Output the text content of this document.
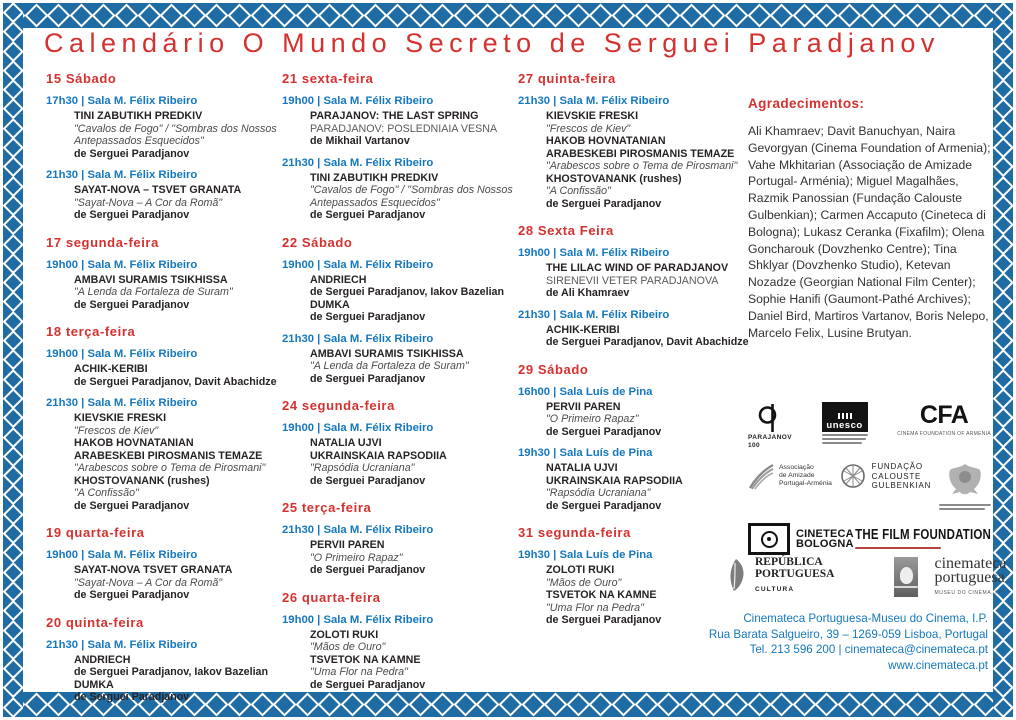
Calendário O Mundo Secreto de Serguei Paradjanov
15 Sábado
17h30 | Sala M. Félix Ribeiro
TINI ZABUTIKH PREDKIV
"Cavalos de Fogo" / "Sombras dos Nossos Antepassados Esquecidos"
de Serguei Paradjanov
21h30 | Sala M. Félix Ribeiro
SAYAT-NOVA – TSVET GRANATA
"Sayat-Nova – A Cor da Romã"
de Serguei Paradjanov
17 segunda-feira
19h00 | Sala M. Félix Ribeiro
AMBAVI SURAMIS TSIKHISSA
"A Lenda da Fortaleza de Suram"
de Serguei Paradjanov
18 terça-feira
19h00 | Sala M. Félix Ribeiro
ACHIK-KERIBI
de Serguei Paradjanov, Davit Abachidze
21h30 | Sala M. Félix Ribeiro
KIEVSKIE FRESKI
"Frescos de Kiev"
HAKOB HOVNATANIAN
ARABESKEBI PIROSMANIS TEMAZE
"Arabescos sobre o Tema de Pirosmani"
KHOSTOVANANK (rushes)
"A Confissão"
de Serguei Paradjanov
19 quarta-feira
19h00 | Sala M. Félix Ribeiro
SAYAT-NOVA TSVET GRANATA
"Sayat-Nova – A Cor da Romã"
de Serguei Paradjanov
20 quinta-feira
21h30 | Sala M. Félix Ribeiro
ANDRIECH
de Serguei Paradjanov, Iakov Bazelian
DUMKA
de Serguei Paradjanov
21 sexta-feira
19h00 | Sala M. Félix Ribeiro
PARAJANOV: THE LAST SPRING
PARADJANOV: POSLEDNIAIA VESNA
de Mikhail Vartanov
21h30 | Sala M. Félix Ribeiro
TINI ZABUTIKH PREDKIV
"Cavalos de Fogo" / "Sombras dos Nossos Antepassados Esquecidos"
de Serguei Paradjanov
22 Sábado
19h00 | Sala M. Félix Ribeiro
ANDRIECH
de Serguei Paradjanov, Iakov Bazelian
DUMKA
de Serguei Paradjanov
21h30 | Sala M. Félix Ribeiro
AMBAVI SURAMIS TSIKHISSA
"A Lenda da Fortaleza de Suram"
de Serguei Paradjanov
24 segunda-feira
19h00 | Sala M. Félix Ribeiro
NATALIA UJVI
UKRAINSKAIA RAPSODIIA
"Rapsódia Ucraniana"
de Serguei Paradjanov
25 terça-feira
21h30 | Sala M. Félix Ribeiro
PERVII PAREN
"O Primeiro Rapaz"
de Serguei Paradjanov
26 quarta-feira
19h00 | Sala M. Félix Ribeiro
ZOLOTI RUKI
"Mãos de Ouro"
TSVETOK NA KAMNE
"Uma Flor na Pedra"
de Serguei Paradjanov
27 quinta-feira
21h30 | Sala M. Félix Ribeiro
KIEVSKIE FRESKI
"Frescos de Kiev"
HAKOB HOVNATANIAN
ARABESKEBI PIROSMANIS TEMAZE
"Arabescos sobre o Tema de Pirosmani"
KHOSTOVANANK (rushes)
"A Confissão"
de Serguei Paradjanov
28 Sexta Feira
19h00 | Sala M. Félix Ribeiro
THE LILAC WIND OF PARADJANOV
SIRENEVII VETER PARADJANOVA
de Ali Khamraev
21h30 | Sala M. Félix Ribeiro
ACHIK-KERIBI
de Serguei Paradjanov, Davit Abachidze
29 Sábado
16h00 | Sala Luís de Pina
PERVII PAREN
"O Primeiro Rapaz"
de Serguei Paradjanov
19h30 | Sala Luís de Pina
NATALIA UJVI
UKRAINSKAIA RAPSODIIA
"Rapsódia Ucraniana"
de Serguei Paradjanov
31 segunda-feira
19h30 | Sala Luís de Pina
ZOLOTI RUKI
"Mãos de Ouro"
TSVETOK NA KAMNE
"Uma Flor na Pedra"
de Serguei Paradjanov
Agradecimentos:

Ali Khamraev; Davit Banuchyan, Naira Gevorgyan (Cinema Foundation of Armenia); Vahe Mkhitarian (Associação de Amizade Portugal- Arménia); Miguel Magalhães, Razmik Panossian (Fundação Calouste Gulbenkian); Carmen Accaputo (Cineteca di Bologna); Lukasz Ceranka (Fixafilm); Olena Goncharouk (Dovzhenko Centre); Tina Shklyar (Dovzhenko Studio), Ketevan Nozadze (Georgian National Film Center); Sophie Hanifi (Gaumont-Pathé Archives); Daniel Bird, Martiros Vartanov, Boris Nelepo, Marcelo Felix, Lusine Brutyan.

PARAJANOV
100
unesco CFA
CINEMA FOUNDATION OF ARMENIA
Associação
de Amizade
Portugal-Arménia
FUNDAÇÃO
CALOUSTE
GULBENKIAN
CINETECA
BOLOGNA
THE FILM FOUNDATION
REPÚBLICA
PORTUGUESA
CULTURA
cinemateca
portuguesa
MUSEU DO CINEMA, IP
Cinemateca Portuguesa-Museu do Cinema, I.P.
Rua Barata Salgueiro, 39 – 1269-059 Lisboa, Portugal
Tel. 213 596 200 | cinemateca@cinemateca.pt
www.cinemateca.pt
